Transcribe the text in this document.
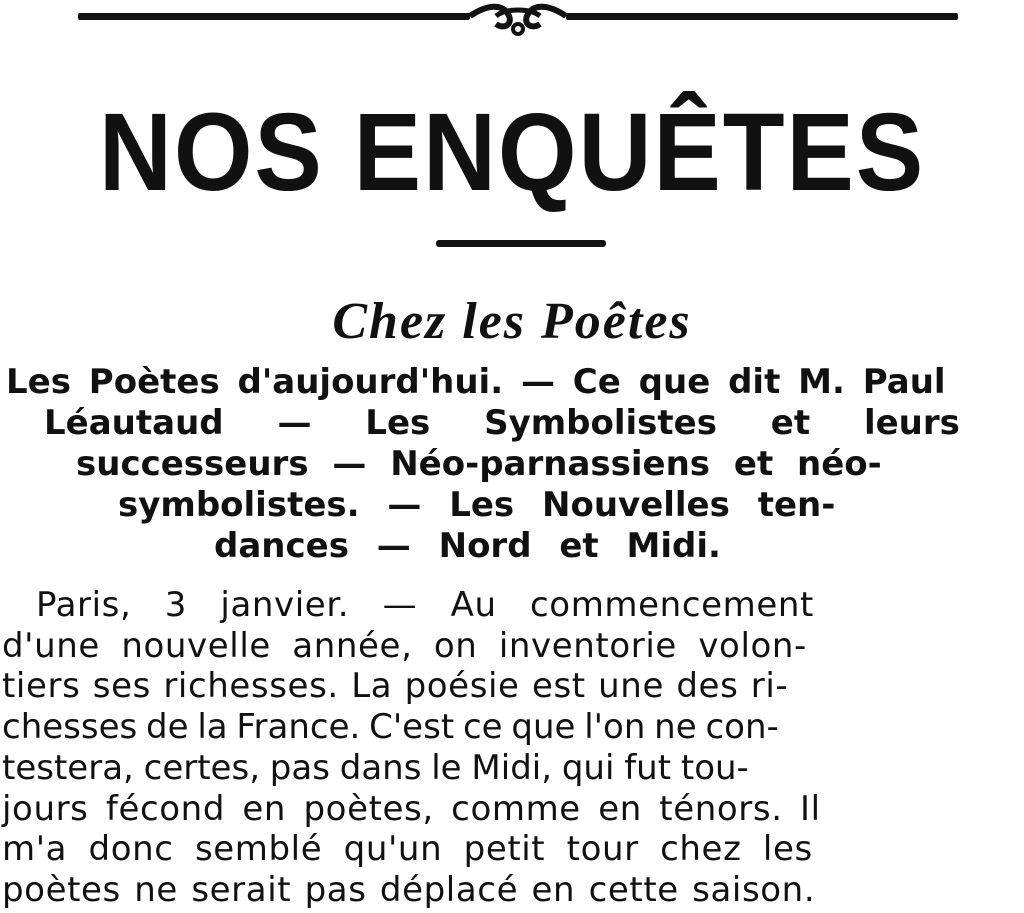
NOS ENQUÊTES
Chez les Poêtes
Les Poètes d'aujourd'hui. — Ce que dit M. Paul
Léautaud — Les Symbolistes et leurs
successeurs — Néo-parnassiens et néo-
symbolistes. — Les Nouvelles ten-
dances — Nord et Midi.
Paris, 3 janvier. — Au commencement
d'une nouvelle année, on inventorie volon-
tiers ses richesses. La poésie est une des ri-
chesses de la France. C'est ce que l'on ne con-
testera, certes, pas dans le Midi, qui fut tou-
jours fécond en poètes, comme en ténors. Il
m'a donc semblé qu'un petit tour chez les
poètes ne serait pas déplacé en cette saison.
